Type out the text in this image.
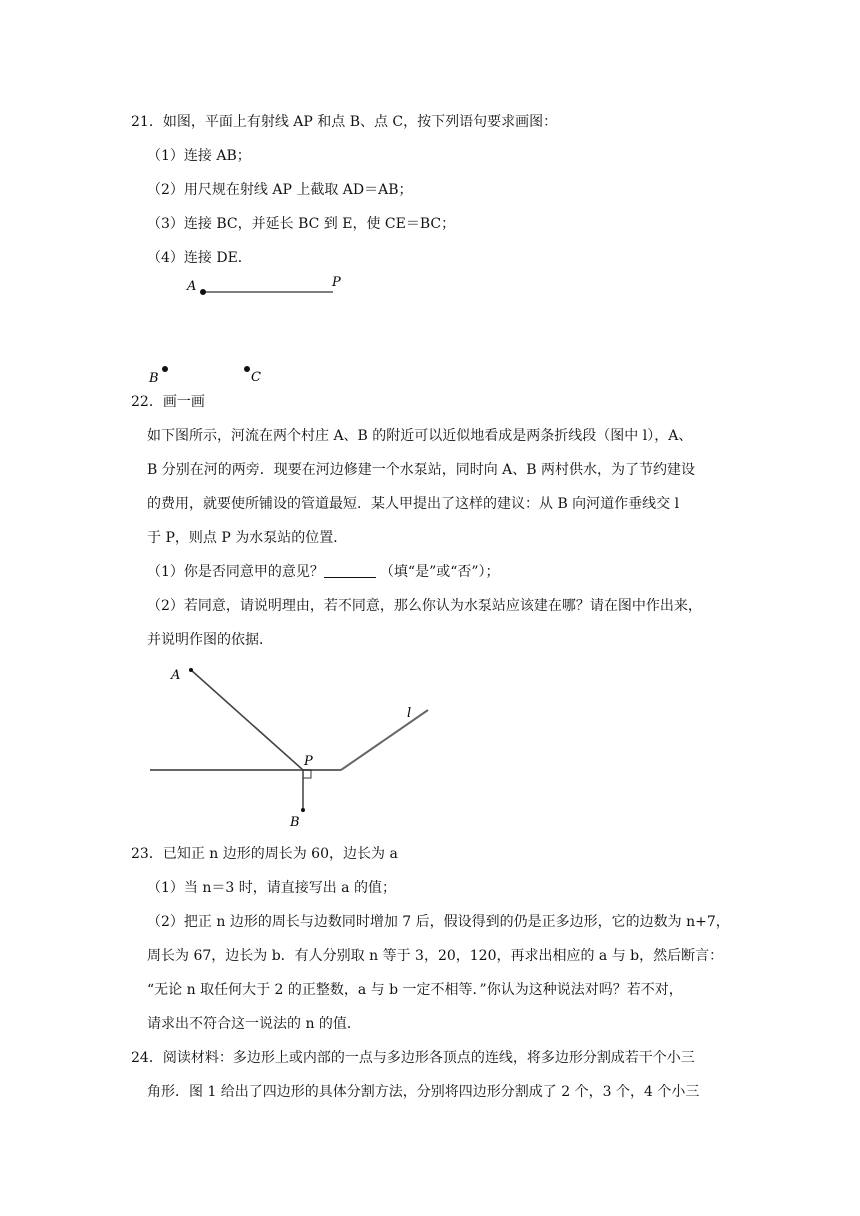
21．如图，平面上有射线 AP 和点 B、点 C，按下列语句要求画图：
（1）连接 AB；
（2）用尺规在射线 AP 上截取 AD＝AB；
（3）连接 BC，并延长 BC 到 E，使 CE＝BC；
（4）连接 DE．
A	P
B	C
22．画一画
如下图所示，河流在两个村庄 A、B 的附近可以近似地看成是两条折线段（图中 l），A、
B 分别在河的两旁．现要在河边修建一个水泵站，同时向 A、B 两村供水，为了节约建设
的费用，就要使所铺设的管道最短．某人甲提出了这样的建议：从 B 向河道作垂线交 l
于 P，则点 P 为水泵站的位置．
（1）你是否同意甲的意见？	（填“是”或“否”）；
（2）若同意，请说明理由，若不同意，那么你认为水泵站应该建在哪？请在图中作出来，
并说明作图的依据．
A
P
l
B
23．已知正 n 边形的周长为 60，边长为 a
（1）当 n＝3 时，请直接写出 a 的值；
（2）把正 n 边形的周长与边数同时增加 7 后，假设得到的仍是正多边形，它的边数为 n+7，
周长为 67，边长为 b．有人分别取 n 等于 3，20，120，再求出相应的 a 与 b，然后断言：
“无论 n 取任何大于 2 的正整数，a 与 b 一定不相等．”你认为这种说法对吗？若不对，
请求出不符合这一说法的 n 的值．
24．阅读材料：多边形上或内部的一点与多边形各顶点的连线，将多边形分割成若干个小三
角形．图 1 给出了四边形的具体分割方法，分别将四边形分割成了 2 个，3 个，4 个小三
